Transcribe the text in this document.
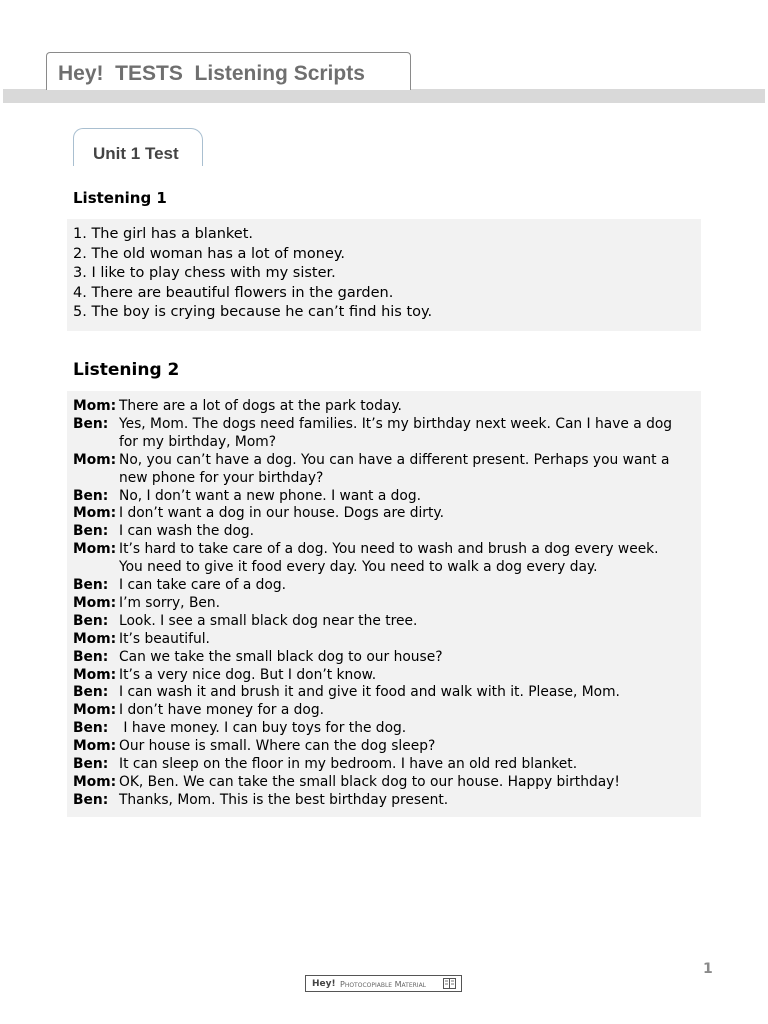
Hey!  TESTS  Listening Scripts
Unit 1 Test
Listening 1
1. The girl has a blanket.
2. The old woman has a lot of money.
3. I like to play chess with my sister.
4. There are beautiful flowers in the garden.
5. The boy is crying because he can’t find his toy.
Listening 2
Mom: There are a lot of dogs at the park today.
Ben: Yes, Mom. The dogs need families. It’s my birthday next week. Can I have a dog
for my birthday, Mom?
Mom: No, you can’t have a dog. You can have a different present. Perhaps you want a
new phone for your birthday?
Ben: No, I don’t want a new phone. I want a dog.
Mom: I don’t want a dog in our house. Dogs are dirty.
Ben: I can wash the dog.
Mom: It’s hard to take care of a dog. You need to wash and brush a dog every week.
You need to give it food every day. You need to walk a dog every day.
Ben: I can take care of a dog.
Mom: I’m sorry, Ben.
Ben: Look. I see a small black dog near the tree.
Mom: It’s beautiful.
Ben: Can we take the small black dog to our house?
Mom: It’s a very nice dog. But I don’t know.
Ben: I can wash it and brush it and give it food and walk with it. Please, Mom.
Mom: I don’t have money for a dog.
Ben: I have money. I can buy toys for the dog.
Mom: Our house is small. Where can the dog sleep?
Ben: It can sleep on the floor in my bedroom. I have an old red blanket.
Mom: OK, Ben. We can take the small black dog to our house. Happy birthday!
Ben: Thanks, Mom. This is the best birthday present.
Hey! Photocopiable Material
1
